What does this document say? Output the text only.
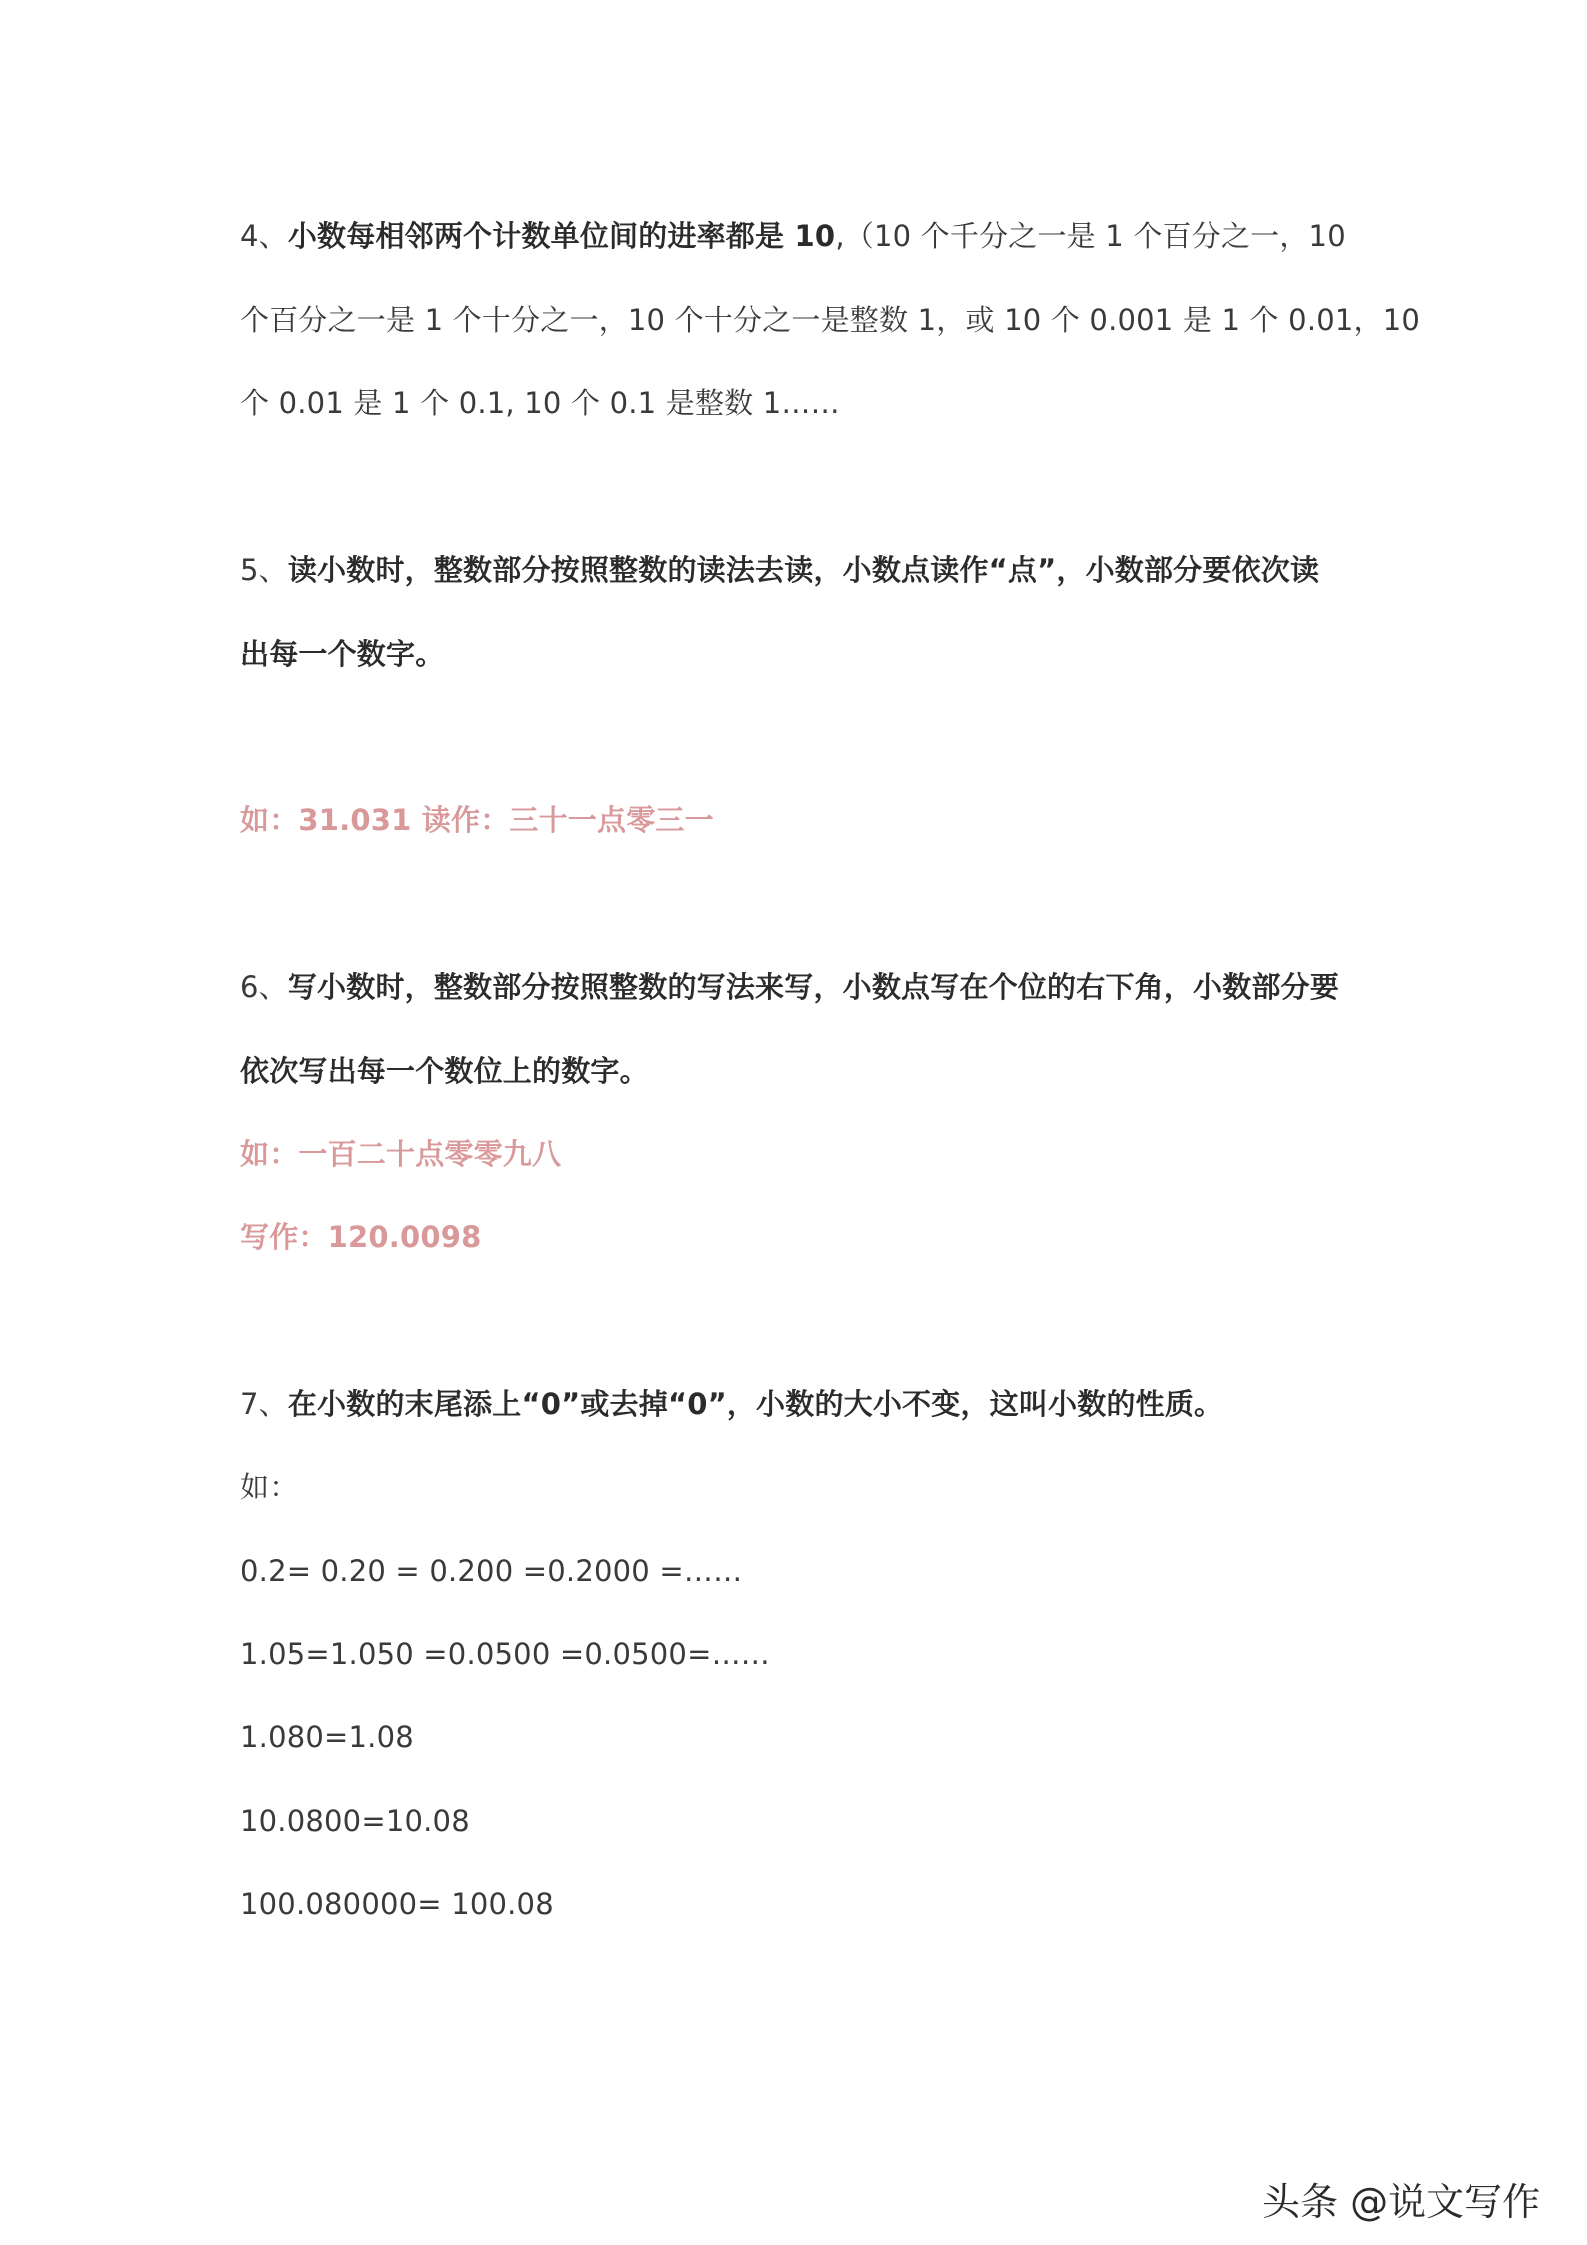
4、小数每相邻两个计数单位间的进率都是 10,（10 个千分之一是 1 个百分之一，10
个百分之一是 1 个十分之一，10 个十分之一是整数 1，或 10 个 0.001 是 1 个 0.01，10
个 0.01 是 1 个 0.1, 10 个 0.1 是整数 1……
5、读小数时，整数部分按照整数的读法去读，小数点读作“点”，小数部分要依次读
出每一个数字。
如：31.031 读作：三十一点零三一
6、写小数时，整数部分按照整数的写法来写，小数点写在个位的右下角，小数部分要
依次写出每一个数位上的数字。
如：一百二十点零零九八
写作：120.0098
7、在小数的末尾添上“0”或去掉“0”，小数的大小不变，这叫小数的性质。
如：
0.2= 0.20 = 0.200 =0.2000 =……
1.05=1.050 =0.0500 =0.0500=……
1.080=1.08
10.0800=10.08
100.080000= 100.08
头条 @说文写作
